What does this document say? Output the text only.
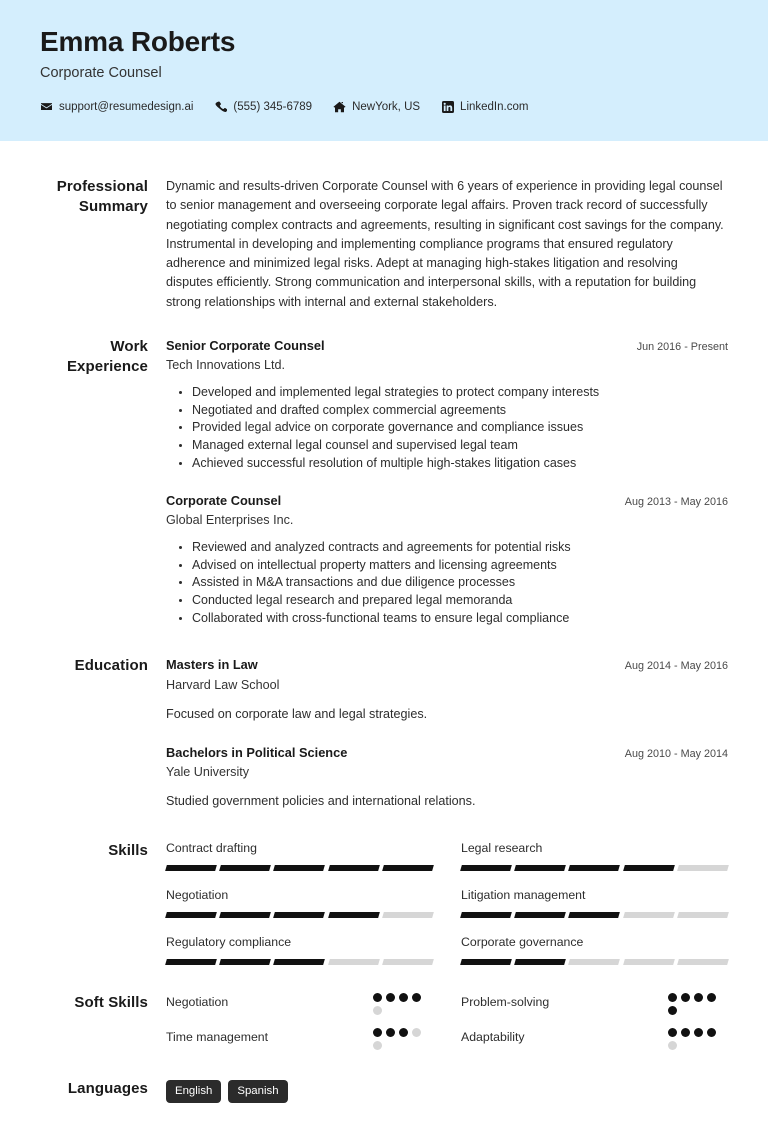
Emma Roberts
Corporate Counsel
support@resumedesign.ai	(555) 345-6789	NewYork, US	LinkedIn.com
Professional Summary
Dynamic and results-driven Corporate Counsel with 6 years of experience in providing legal counsel to senior management and overseeing corporate legal affairs. Proven track record of successfully negotiating complex contracts and agreements, resulting in significant cost savings for the company. Instrumental in developing and implementing compliance programs that ensured regulatory adherence and minimized legal risks. Adept at managing high-stakes litigation and resolving disputes efficiently. Strong communication and interpersonal skills, with a reputation for building strong relationships with internal and external stakeholders.
Work Experience
Senior Corporate Counsel	Jun 2016 - Present
Tech Innovations Ltd.
• Developed and implemented legal strategies to protect company interests
• Negotiated and drafted complex commercial agreements
• Provided legal advice on corporate governance and compliance issues
• Managed external legal counsel and supervised legal team
• Achieved successful resolution of multiple high-stakes litigation cases
Corporate Counsel	Aug 2013 - May 2016
Global Enterprises Inc.
• Reviewed and analyzed contracts and agreements for potential risks
• Advised on intellectual property matters and licensing agreements
• Assisted in M&A transactions and due diligence processes
• Conducted legal research and prepared legal memoranda
• Collaborated with cross-functional teams to ensure legal compliance
Education	Masters in Law	Aug 2014 - May 2016
Harvard Law School
Focused on corporate law and legal strategies.
Bachelors in Political Science	Aug 2010 - May 2014
Yale University
Studied government policies and international relations.
Skills	Contract drafting	Legal research
Negotiation	Litigation management
Regulatory compliance	Corporate governance
Soft Skills	Negotiation	Problem-solving
Time management	Adaptability
Languages	English	Spanish
